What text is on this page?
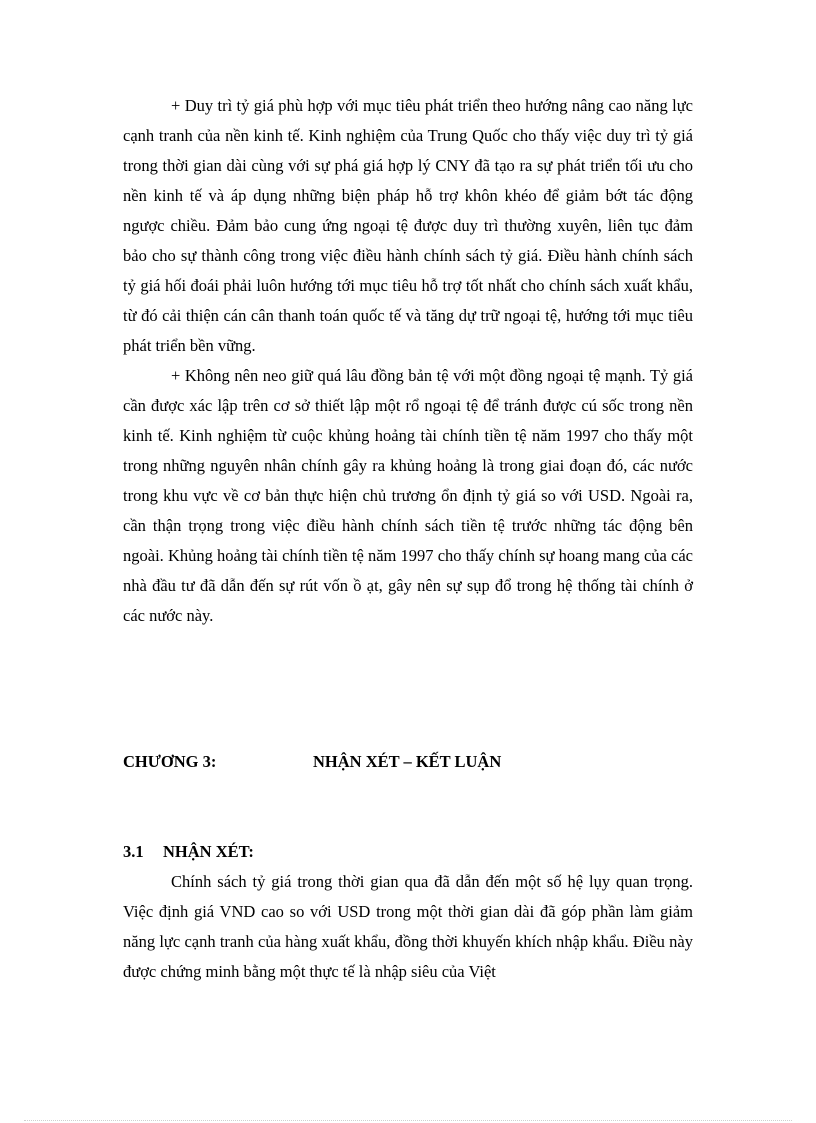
+ Duy trì tỷ giá phù hợp với mục tiêu phát triển theo hướng nâng cao năng lực cạnh tranh của nền kinh tế. Kinh nghiệm của Trung Quốc cho thấy việc duy trì tỷ giá trong thời gian dài cùng với sự phá giá hợp lý CNY đã tạo ra sự phát triển tối ưu cho nền kinh tế và áp dụng những biện pháp hỗ trợ khôn khéo để giảm bớt tác động ngược chiều. Đảm bảo cung ứng ngoại tệ được duy trì thường xuyên, liên tục đảm bảo cho sự thành công trong việc điều hành chính sách tỷ giá. Điều hành chính sách tỷ giá hối đoái phải luôn hướng tới mục tiêu hỗ trợ tốt nhất cho chính sách xuất khẩu, từ đó cải thiện cán cân thanh toán quốc tế và tăng dự trữ ngoại tệ, hướng tới mục tiêu phát triển bền vững.

+ Không nên neo giữ quá lâu đồng bản tệ với một đồng ngoại tệ mạnh. Tỷ giá cần được xác lập trên cơ sở thiết lập một rổ ngoại tệ để tránh được cú sốc trong nền kinh tế. Kinh nghiệm từ cuộc khủng hoảng tài chính tiền tệ năm 1997 cho thấy một trong những nguyên nhân chính gây ra khủng hoảng là trong giai đoạn đó, các nước trong khu vực về cơ bản thực hiện chủ trương ổn định tỷ giá so với USD. Ngoài ra, cần thận trọng trong việc điều hành chính sách tiền tệ trước những tác động bên ngoài. Khủng hoảng tài chính tiền tệ năm 1997 cho thấy chính sự hoang mang của các nhà đầu tư đã dẫn đến sự rút vốn ồ ạt, gây nên sự sụp đổ trong hệ thống tài chính ở các nước này.

CHƯƠNG 3:	NHẬN XÉT – KẾT LUẬN
3.1 NHẬN XÉT:

Chính sách tỷ giá trong thời gian qua đã dẫn đến một số hệ lụy quan trọng. Việc định giá VND cao so với USD trong một thời gian dài đã góp phần làm giảm năng lực cạnh tranh của hàng xuất khẩu, đồng thời khuyến khích nhập khẩu. Điều này được chứng minh bằng một thực tế là nhập siêu của Việt
